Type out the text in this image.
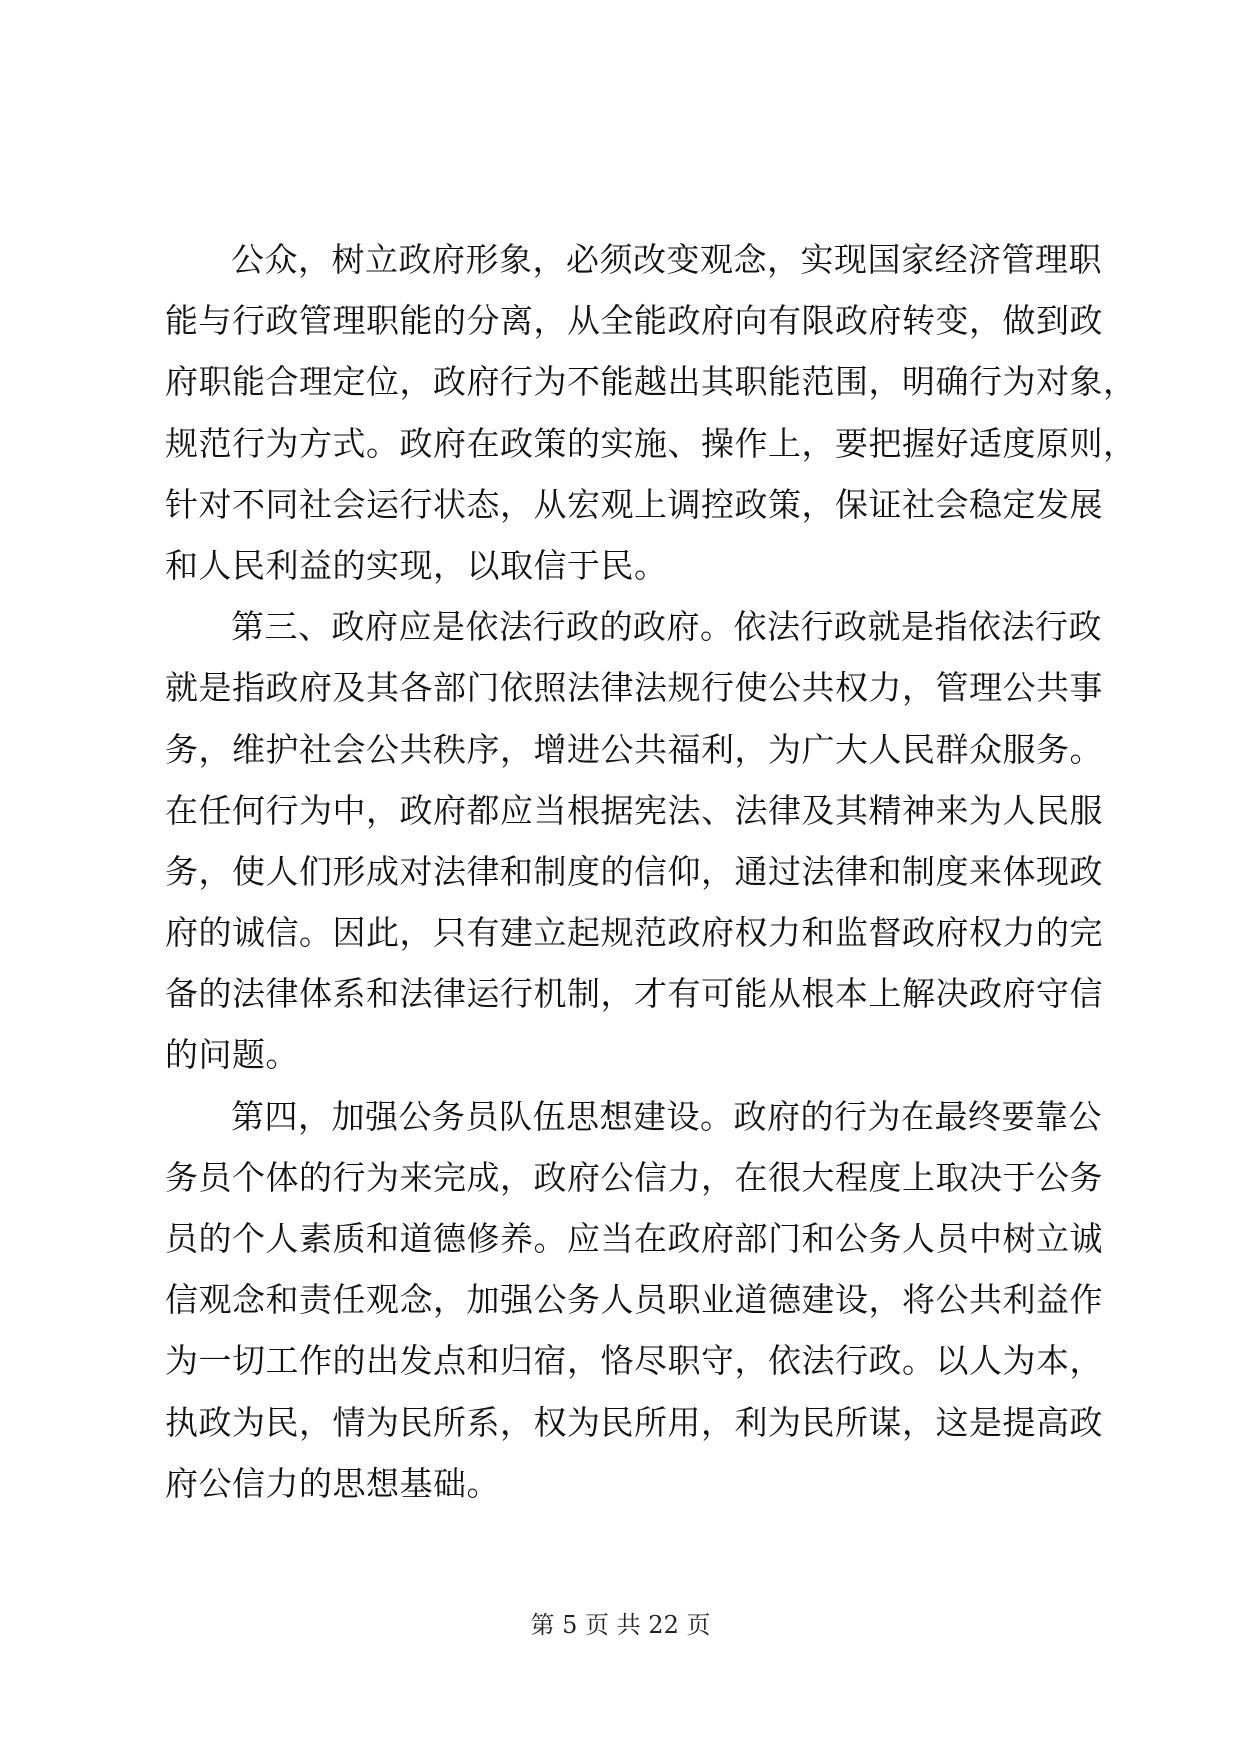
公众，树立政府形象，必须改变观念，实现国家经济管理职
能与行政管理职能的分离，从全能政府向有限政府转变，做到政
府职能合理定位，政府行为不能越出其职能范围，明确行为对象，
规范行为方式。政府在政策的实施、操作上，要把握好适度原则，
针对不同社会运行状态，从宏观上调控政策，保证社会稳定发展
和人民利益的实现，以取信于民。
第三、政府应是依法行政的政府。依法行政就是指依法行政
就是指政府及其各部门依照法律法规行使公共权力，管理公共事
务，维护社会公共秩序，增进公共福利，为广大人民群众服务。
在任何行为中，政府都应当根据宪法、法律及其精神来为人民服
务，使人们形成对法律和制度的信仰，通过法律和制度来体现政
府的诚信。因此，只有建立起规范政府权力和监督政府权力的完
备的法律体系和法律运行机制，才有可能从根本上解决政府守信
的问题。
第四，加强公务员队伍思想建设。政府的行为在最终要靠公
务员个体的行为来完成，政府公信力，在很大程度上取决于公务
员的个人素质和道德修养。应当在政府部门和公务人员中树立诚
信观念和责任观念，加强公务人员职业道德建设，将公共利益作
为一切工作的出发点和归宿，恪尽职守，依法行政。以人为本，
执政为民，情为民所系，权为民所用，利为民所谋，这是提高政
府公信力的思想基础。
第 5 页 共 22 页
